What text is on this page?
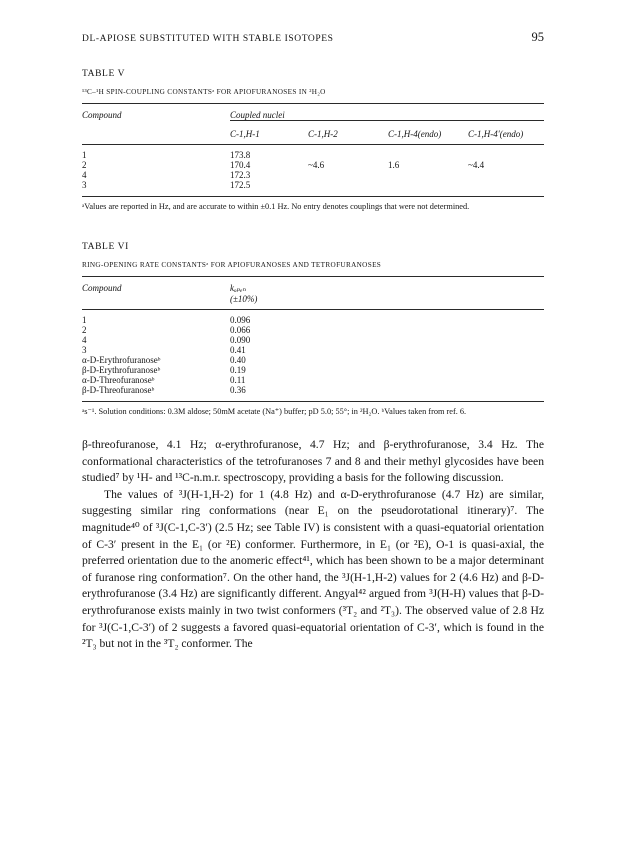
DL-APIOSE SUBSTITUTED WITH STABLE ISOTOPES	95
TABLE V
¹³C–¹H SPIN-COUPLING CONSTANTSᵃ FOR APIOFURANOSES IN ²H₂O
Compound	Coupled nuclei			

	C-1,H-1	C-1,H-2	C-1,H-4(endo)	C-1,H-4′(endo)
1	173.8			
2	170.4	~4.6	1.6	~4.4
4	172.3			
3	172.5			

ᵃValues are reported in Hz, and are accurate to within ±0.1 Hz. No entry denotes couplings that were not determined.
TABLE VI
RING-OPENING RATE CONSTANTSᵃ FOR APIOFURANOSES AND TETROFURANOSES
Compound	kₒₚₑₙ
	(±10%)
1	0.096
2	0.066
4	0.090
3	0.41
α-D-Erythrofuranoseᵇ	0.40
β-D-Erythrofuranoseᵇ	0.19
α-D-Threofuranoseᵇ	0.11
β-D-Threofuranoseᵇ	0.36

ᵃs⁻¹. Solution conditions: 0.3M aldose; 50mM acetate (Na⁺) buffer; pD 5.0; 55°; in ²H₂O. ᵇValues taken from ref. 6.

β-threofuranose, 4.1 Hz; α-erythrofuranose, 4.7 Hz; and β-erythrofuranose, 3.4 Hz. The conformational characteristics of the tetrofuranoses 7 and 8 and their methyl glycosides have been studied⁷ by ¹H- and ¹³C-n.m.r. spectroscopy, providing a basis for the following discussion.

The values of ³J(H-1,H-2) for 1 (4.8 Hz) and α-D-erythrofuranose (4.7 Hz) are similar, suggesting similar ring conformations (near E₁ on the pseudorotational itinerary)⁷. The magnitude⁴⁰ of ³J(C-1,C-3′) (2.5 Hz; see Table IV) is consistent with a quasi-equatorial orientation of C-3′ present in the E₁ (or ²E) conformer. Furthermore, in E₁ (or ²E), O-1 is quasi-axial, the preferred orientation due to the anomeric effect⁴¹, which has been shown to be a major determinant of furanose ring conformation⁷. On the other hand, the ³J(H-1,H-2) values for 2 (4.6 Hz) and β-D-erythrofuranose (3.4 Hz) are significantly different. Angyal⁴² argued from ³J(H-H) values that β-D-erythrofuranose exists mainly in two twist conformers (³T₂ and ²T₃). The observed value of 2.8 Hz for ³J(C-1,C-3′) of 2 suggests a favored quasi-equatorial orientation of C-3′, which is found in the ²T₃ but not in the ³T₂ conformer. The
